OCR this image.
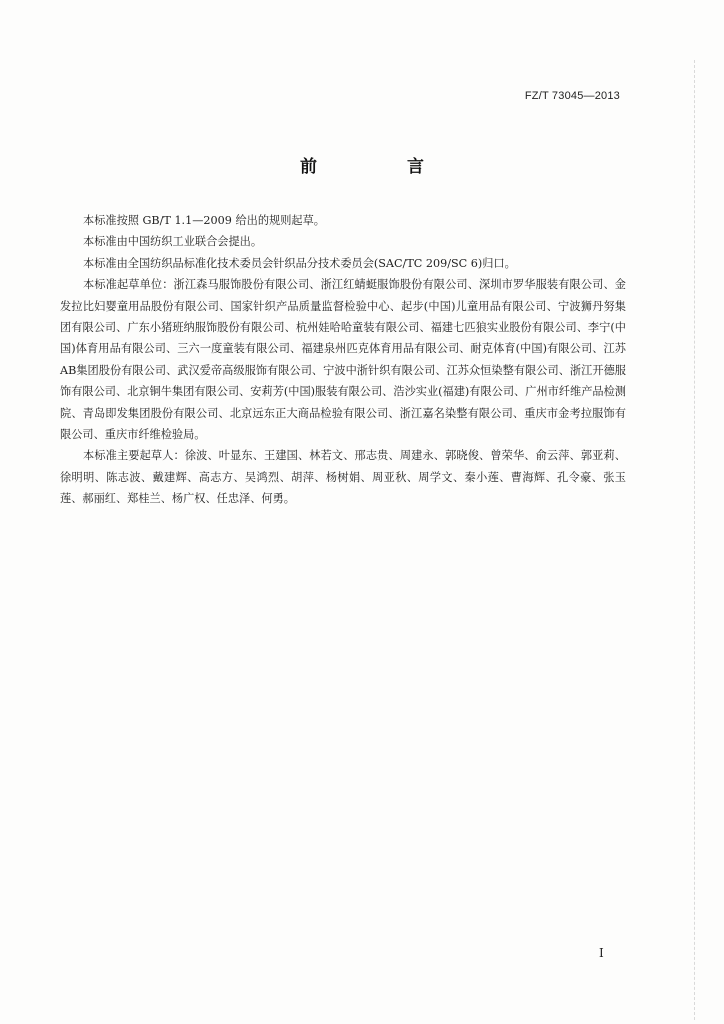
FZ/T 73045—2013
前 言

本标准按照 GB/T 1.1—2009 给出的规则起草。

本标准由中国纺织工业联合会提出。

本标准由全国纺织品标准化技术委员会针织品分技术委员会(SAC/TC 209/SC 6)归口。

本标准起草单位：浙江森马服饰股份有限公司、浙江红蜻蜓服饰股份有限公司、深圳市罗华服装有限公司、金发拉比妇婴童用品股份有限公司、国家针织产品质量监督检验中心、起步(中国)儿童用品有限公司、宁波狮丹努集团有限公司、广东小猪班纳服饰股份有限公司、杭州娃哈哈童装有限公司、福建七匹狼实业股份有限公司、李宁(中国)体育用品有限公司、三六一度童装有限公司、福建泉州匹克体育用品有限公司、耐克体育(中国)有限公司、江苏AB集团股份有限公司、武汉爱帝高级服饰有限公司、宁波中浙针织有限公司、江苏众恒染整有限公司、浙江开德服饰有限公司、北京铜牛集团有限公司、安莉芳(中国)服装有限公司、浩沙实业(福建)有限公司、广州市纤维产品检测院、青岛即发集团股份有限公司、北京远东正大商品检验有限公司、浙江嘉名染整有限公司、重庆市金考拉服饰有限公司、重庆市纤维检验局。

本标准主要起草人：徐波、叶显东、王建国、林若文、邢志贵、周建永、郭晓俊、曾荣华、俞云萍、郭亚莉、徐明明、陈志波、戴建辉、高志方、吴鸿烈、胡萍、杨树娟、周亚秋、周学文、秦小莲、曹海辉、孔令豪、张玉莲、郝丽红、郑桂兰、杨广权、任忠泽、何勇。

I
